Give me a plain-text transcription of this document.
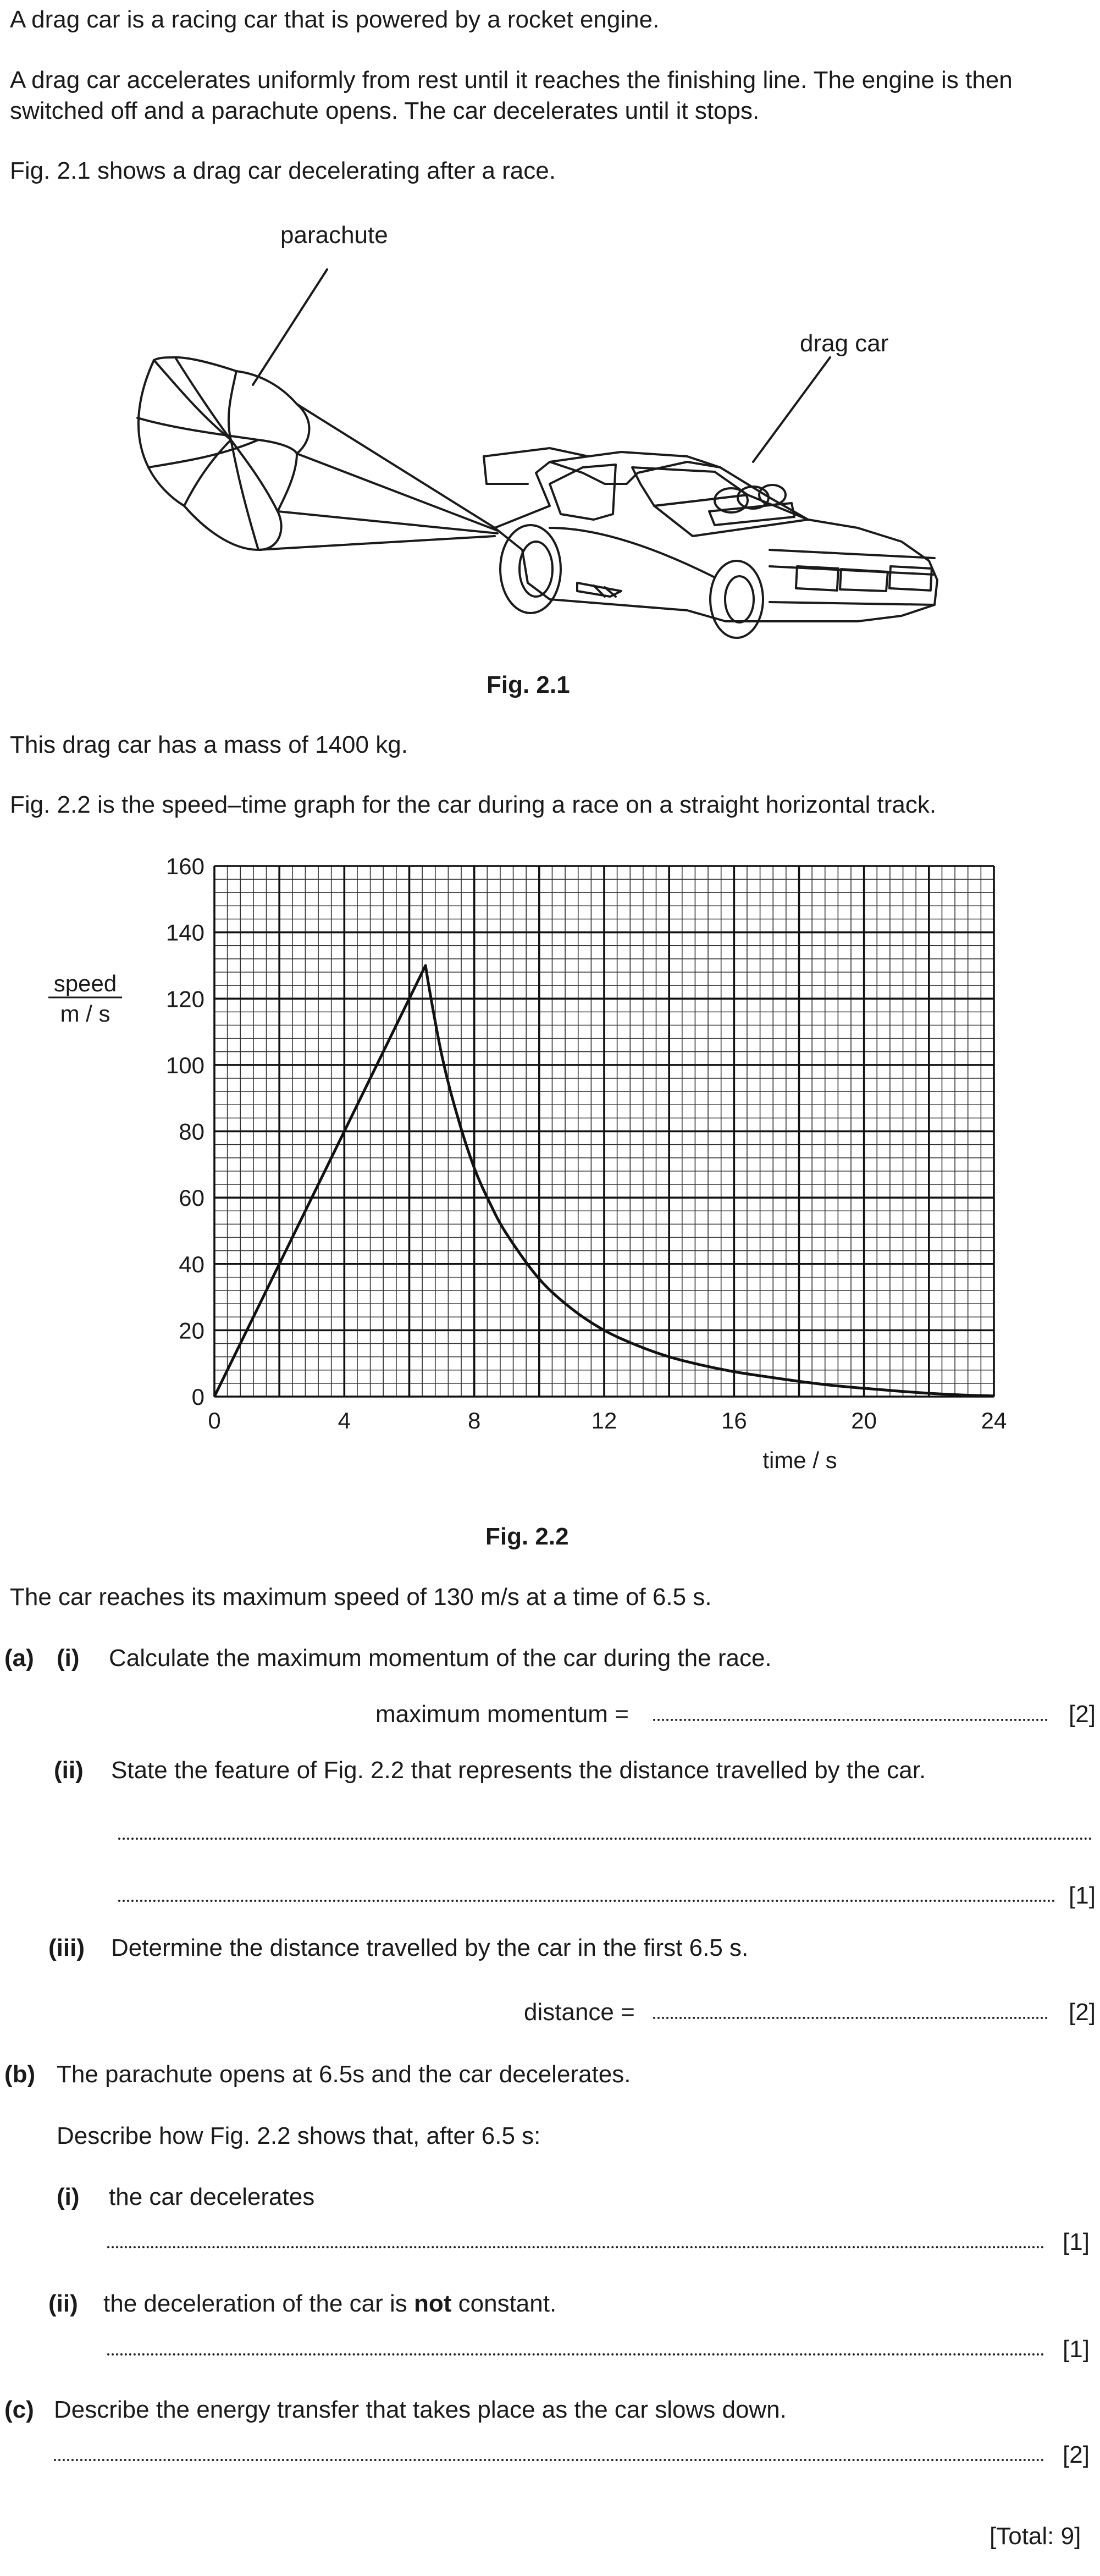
A drag car is a racing car that is powered by a rocket engine.
A drag car accelerates uniformly from rest until it reaches the finishing line. The engine is then
switched off and a parachute opens. The car decelerates until it stops.
Fig. 2.1 shows a drag car decelerating after a race.
parachute
drag car
Fig. 2.1
This drag car has a mass of 1400 kg.
Fig. 2.2 is the speed–time graph for the car during a race on a straight horizontal track.
0
20
40
60
80
100
120
140
160
0	4	8	12	16	20	24
speed
m / s
time / s
Fig. 2.2
The car reaches its maximum speed of 130 m/s at a time of 6.5 s.
(a) (i) Calculate the maximum momentum of the car during the race.
maximum momentum =	[2]
(ii) State the feature of Fig. 2.2 that represents the distance travelled by the car.
[1]
(iii) Determine the distance travelled by the car in the first 6.5 s.
distance =	[2]
(b) The parachute opens at 6.5s and the car decelerates.
Describe how Fig. 2.2 shows that, after 6.5 s:
(i) the car decelerates
[1]
(ii) the deceleration of the car is not constant.
[1]
(c) Describe the energy transfer that takes place as the car slows down.
[2]
[Total: 9]
